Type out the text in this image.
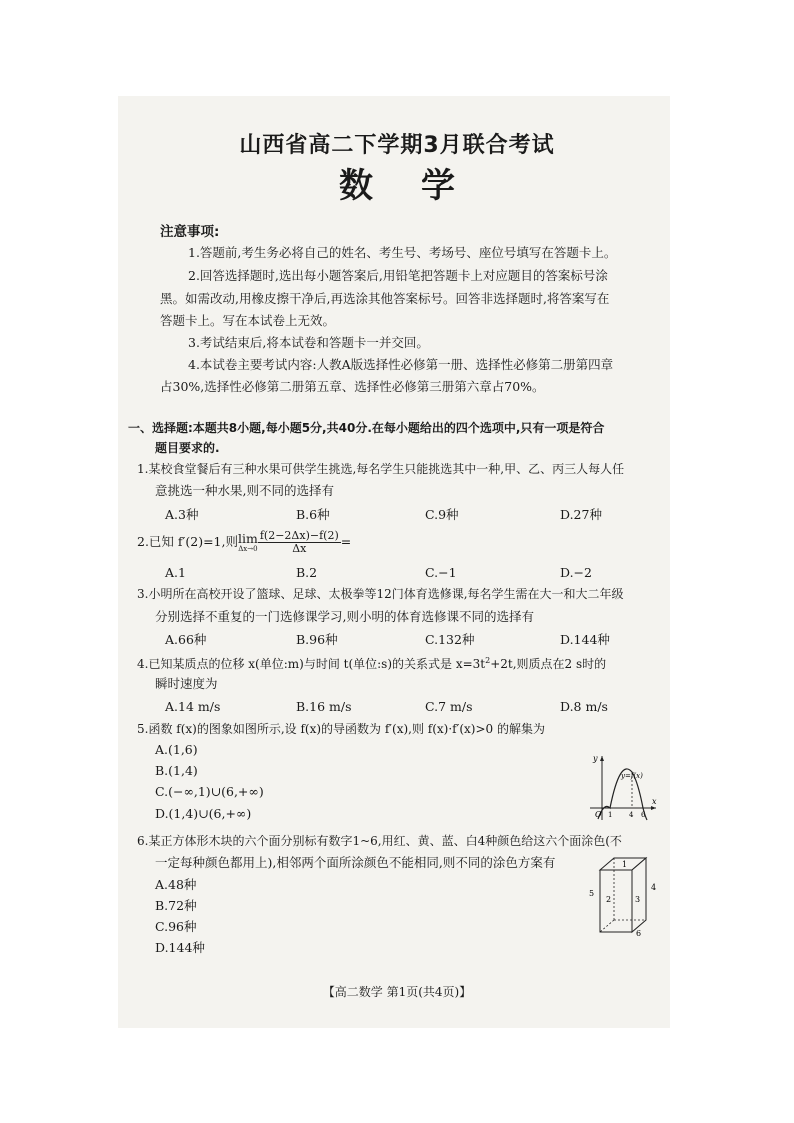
山西省高二下学期3月联合考试
数学
注意事项:
1.答题前,考生务必将自己的姓名、考生号、考场号、座位号填写在答题卡上。
2.回答选择题时,选出每小题答案后,用铅笔把答题卡上对应题目的答案标号涂
黑。如需改动,用橡皮擦干净后,再选涂其他答案标号。回答非选择题时,将答案写在
答题卡上。写在本试卷上无效。
3.考试结束后,将本试卷和答题卡一并交回。
4.本试卷主要考试内容:人教A版选择性必修第一册、选择性必修第二册第四章
占30%,选择性必修第二册第五章、选择性必修第三册第六章占70%。
一、选择题:本题共8小题,每小题5分,共40分.在每小题给出的四个选项中,只有一项是符合
题目要求的.
1.某校食堂餐后有三种水果可供学生挑选,每名学生只能挑选其中一种,甲、乙、丙三人每人任
意挑选一种水果,则不同的选择有
A.3种	B.6种	C.9种	D.27种
2.已知 f′(2)=1,则 lim
$\Delta x\to 0 \frac{f(2-2\Delta x)-f(2)}{\Delta x}$ =
A.1	B.2	C.−1	D.−2
3.小明所在高校开设了篮球、足球、太极拳等12门体育选修课,每名学生需在大一和大二年级
分别选择不重复的一门选修课学习,则小明的体育选修课不同的选择有
A.66种	B.96种	C.132种	D.144种
4.已知某质点的位移 x(单位:m)与时间 t(单位:s)的关系式是 $x=3t^2+2t$,则质点在2 s时的
瞬时速度为
A.14 m/s	B.16 m/s	C.7 m/s	D.8 m/s
5.函数 f(x)的图象如图所示,设 f(x)的导函数为 f′(x),则 f(x)·f′(x)>0 的解集为
A.(1,6)
B.(1,4)
C.(−∞,1)∪(6,+∞)
D.(1,4)∪(6,+∞)
y=f(x)
y
x
O 1 4 6
6.某正方体形木块的六个面分别标有数字1~6,用红、黄、蓝、白4种颜色给这六个面涂色(不
一定每种颜色都用上),相邻两个面所涂颜色不能相同,则不同的涂色方案有
A.48种
B.72种
C.96种
D.144种
1
2	3
4
5
6
【高二数学 第1页(共4页)】
